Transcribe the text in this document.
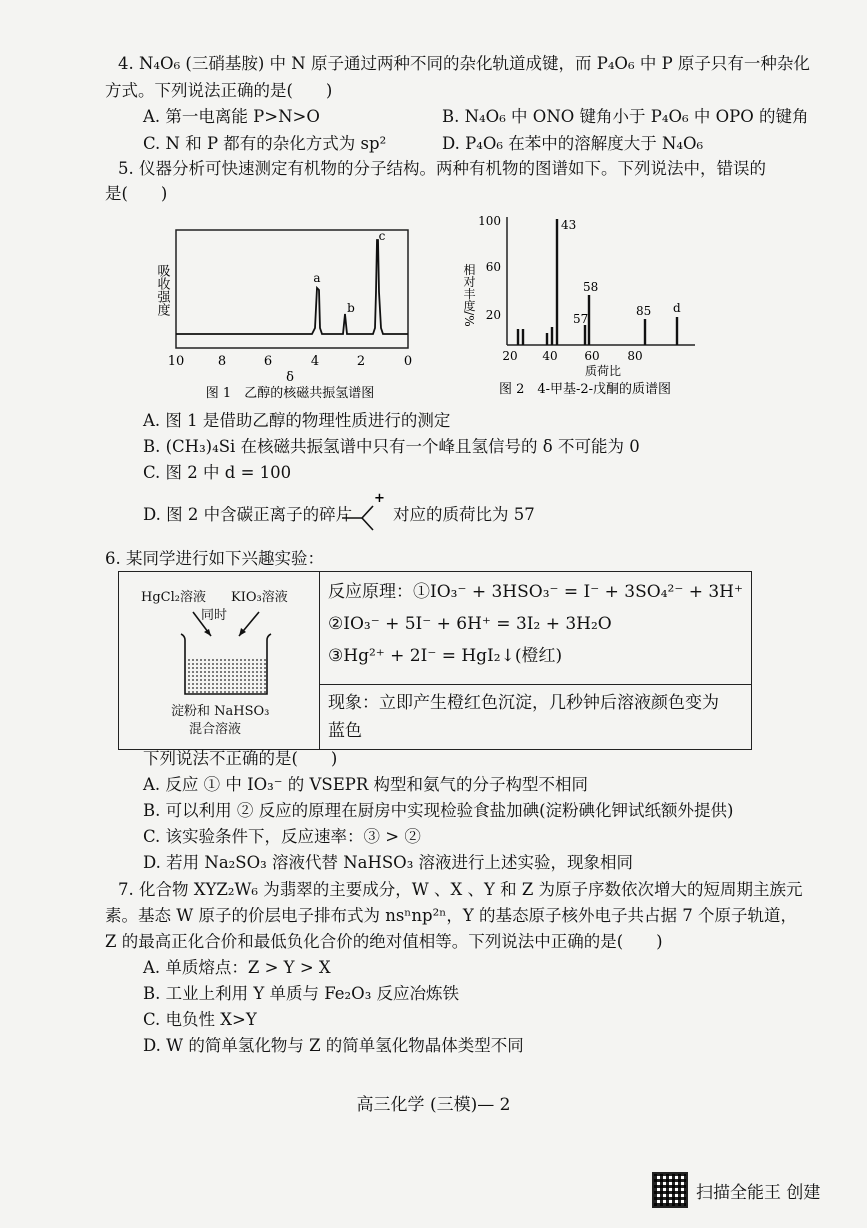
4. N₄O₆ (三硝基胺) 中 N 原子通过两种不同的杂化轨道成键，而 P₄O₆ 中 P 原子只有一种杂化
方式。下列说法正确的是(　　)
A. 第一电离能 P>N>O	B. N₄O₆ 中 ONO 键角小于 P₄O₆ 中 OPO 的键角
C. N 和 P 都有的杂化方式为 sp²	D. P₄O₆ 在苯中的溶解度大于 N₄O₆
5. 仪器分析可快速测定有机物的分子结构。两种有机物的图谱如下。下列说法中，错误的
是(　　)
吸收强度
10	8	6	4	2	0
δ
a
b
c
图 1　乙醇的核磁共振氢谱图
相对丰度/%
100
60
20
20 40 60 80
质荷比
43
58
57
85 d
图 2　4-甲基-2-戊酮的质谱图
A. 图 1 是借助乙醇的物理性质进行的测定
B. (CH₃)₄Si 在核磁共振氢谱中只有一个峰且氢信号的 δ 不可能为 0
C. 图 2 中 d = 100
D. 图 2 中含碳正离子的碎片
+
对应的质荷比为 57
6. 某同学进行如下兴趣实验：
HgCl₂溶液 KIO₃溶液
同时
淀粉和 NaHSO₃
混合溶液

反应原理：①IO₃⁻ + 3HSO₃⁻ = I⁻ + 3SO₄²⁻ + 3H⁺
②IO₃⁻ + 5I⁻ + 6H⁺ = 3I₂ + 3H₂O
③Hg²⁺ + 2I⁻ = HgI₂↓(橙红)

现象：立即产生橙红色沉淀，几秒钟后溶液颜色变为
蓝色
下列说法不正确的是(　　)
A. 反应 ① 中 IO₃⁻ 的 VSEPR 构型和氨气的分子构型不相同
B. 可以利用 ② 反应的原理在厨房中实现检验食盐加碘(淀粉碘化钾试纸额外提供)
C. 该实验条件下，反应速率：③ > ②
D. 若用 Na₂SO₃ 溶液代替 NaHSO₃ 溶液进行上述实验，现象相同
7. 化合物 XYZ₂W₆ 为翡翠的主要成分，W 、X 、Y 和 Z 为原子序数依次增大的短周期主族元
素。基态 W 原子的价层电子排布式为 nsⁿnp²ⁿ，Y 的基态原子核外电子共占据 7 个原子轨道，
Z 的最高正化合价和最低负化合价的绝对值相等。下列说法中正确的是(　　)
A. 单质熔点：Z > Y > X
B. 工业上利用 Y 单质与 Fe₂O₃ 反应冶炼铁
C. 电负性 X>Y
D. W 的简单氢化物与 Z 的简单氢化物晶体类型不同
高三化学 (三模)— 2
扫描全能王 创建
